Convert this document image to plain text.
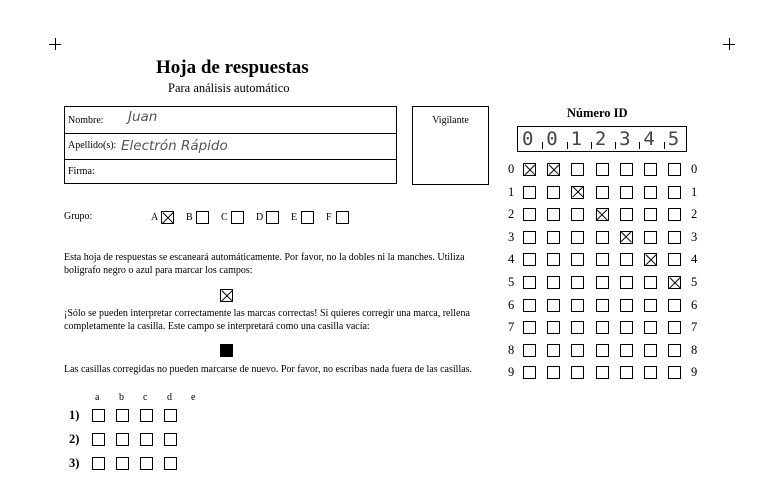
Hoja de respuestas
Para análisis automático
Nombre: Juan
Apellido(s): Electrón Rápido
Firma:
Vigilante
Grupo:	A	B	C	D	E	F
Esta hoja de respuestas se escaneará automáticamente. Por favor, no la dobles ni la manches. Utiliza
bolígrafo negro o azul para marcar los campos:
¡Sólo se pueden interpretar correctamente las marcas correctas! Si quieres corregir una marca, rellena
completamente la casilla. Este campo se interpretará como una casilla vacía:
Las casillas corregidas no pueden marcarse de nuevo. Por favor, no escribas nada fuera de las casillas.
a b c d e
1)
2)
3)
Número ID
0 0 1 2 3 4 5
0	0
1	1
2	2
3	3
4	4
5	5
6	6
7	7
8	8
9	9
